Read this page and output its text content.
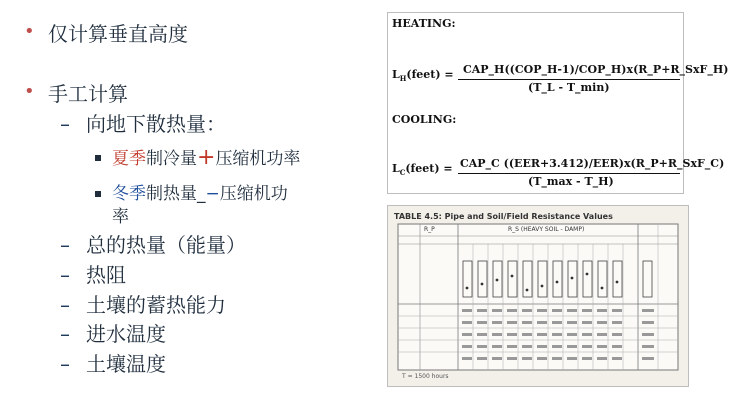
• 仅计算垂直高度
• 手工计算
– 向地下散热量：
夏季制冷量+压缩机功率
冬季制热量_−压缩机功
率
– 总的热量（能量）
– 热阻
– 土壤的蓄热能力
– 进水温度
– 土壤温度
HEATING:
$L_H(feet)$ = CAP_H((COP_H-1)/COP_H)x(R_P+R_SxF_H)
(T_L - T_min)
COOLING:
$L_C(feet)$ = CAP_C ((EER+3.412)/EER)x(R_P+R_SxF_C)
(T_max - T_H)
TABLE 4.5: Pipe and Soil/Field Resistance Values
R_P	R_S (HEAVY SOIL - DAMP)
T = 1500 hours
